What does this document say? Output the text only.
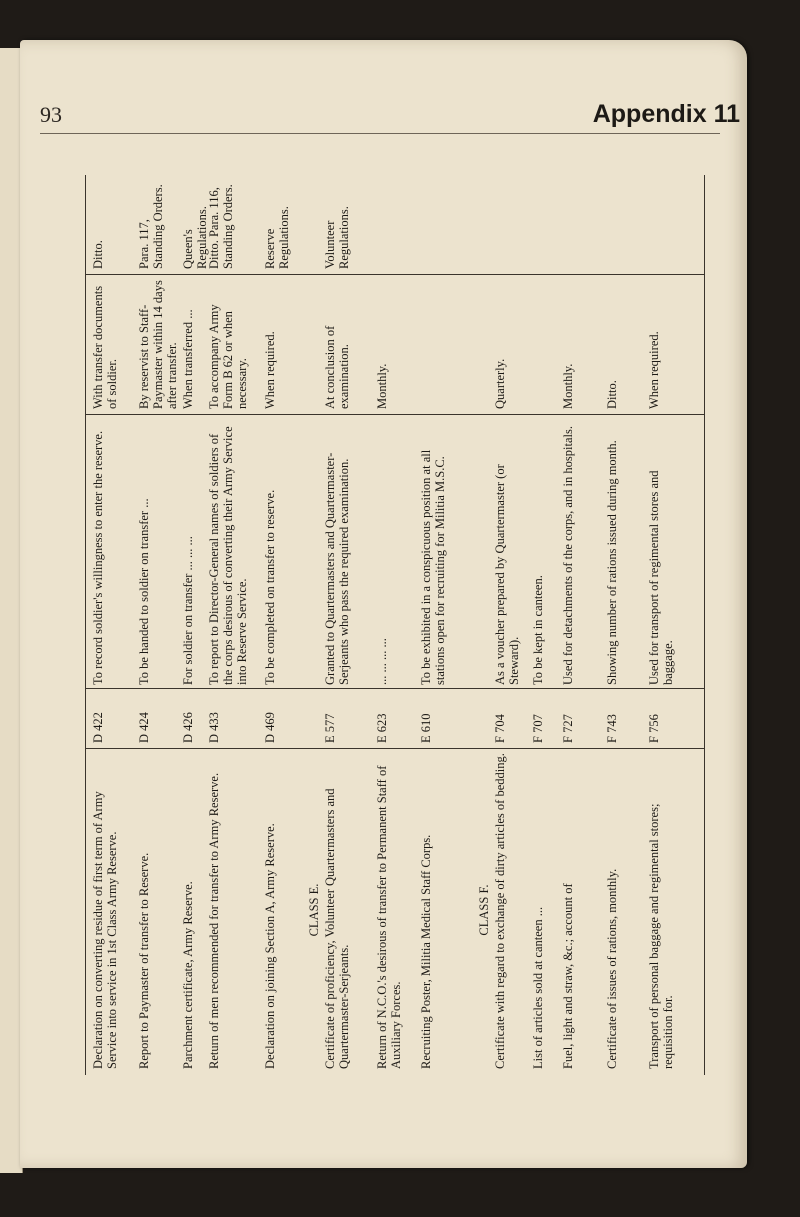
93	Appendix 11
Declaration on converting residue of first term of Army Service into service in 1st Class Army Reserve.
D 422
To record soldier's willingness to enter the reserve.
With transfer documents of soldier.
Ditto.
Report to Paymaster of transfer to Reserve.
D 424
To be handed to soldier on transfer ...
By reservist to Staff-Paymaster within 14 days after transfer.
Para. 117, Standing Orders.
Parchment certificate, Army Reserve.
D 426
For soldier on transfer ... ... ...
When transferred ...
Queen's Regulations.
Return of men recommended for transfer to Army Reserve.
D 433
To report to Director-General names of soldiers of the corps desirous of converting their Army Service into Reserve Service.
To accompany Army Form B 62 or when necessary.
Ditto. Para. 116, Standing Orders.
Declaration on joining Section A, Army Reserve.
D 469
To be completed on transfer to reserve.
When required.
Reserve Regulations.
CLASS E. Certificate of proficiency, Volunteer Quartermasters and Quartermaster-Serjeants.
E 577
Granted to Quartermasters and Quartermaster-Serjeants who pass the required examination.
At conclusion of examination.
Volunteer Regulations.
Return of N.C.O.'s desirous of transfer to Permanent Staff of Auxiliary Forces.
E 623
... ... ... ...
Monthly.
Recruiting Poster, Militia Medical Staff Corps.
E 610
To be exhibited in a conspicuous position at all stations open for recruiting for Militia M.S.C.
CLASS F. Certificate with regard to exchange of dirty articles of bedding.
F 704
As a voucher prepared by Quartermaster (or Steward).
Quarterly.
List of articles sold at canteen ...
F 707
To be kept in canteen.
Fuel, light and straw, &c.; account of
F 727
Used for detachments of the corps, and in hospitals.
Monthly.
Certificate of issues of rations, monthly.
F 743
Showing number of rations issued during month.
Ditto.
Transport of personal baggage and regimental stores; requisition for.
F 756
Used for transport of regimental stores and baggage.
When required.
